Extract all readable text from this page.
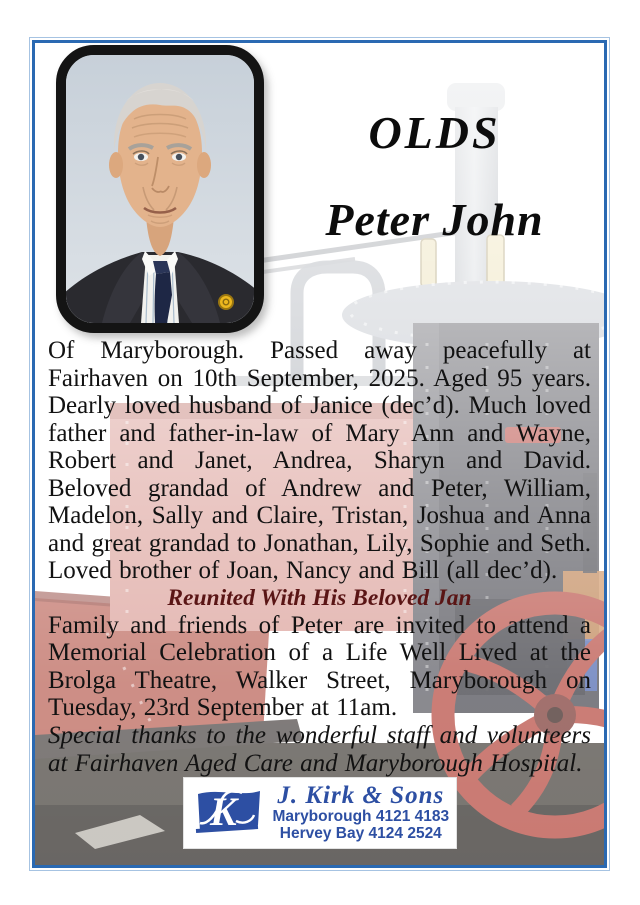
OLDS
Peter John

Of Maryborough. Passed away peacefully at Fairhaven on 10th September, 2025. Aged 95 years. Dearly loved husband of Janice (dec’d). Much loved father and father-in-law of Mary Ann and Wayne, Robert and Janet, Andrea, Sharyn and David. Beloved grandad of Andrew and Peter, William, Madelon, Sally and Claire, Tristan, Joshua and Anna and great grandad to Jonathan, Lily, Sophie and Seth. Loved brother of Joan, Nancy and Bill (all dec’d).

Reunited With His Beloved Jan

Family and friends of Peter are invited to attend a Memorial Celebration of a Life Well Lived at the Brolga Theatre, Walker Street, Maryborough on Tuesday, 23rd September at 11am.

Special thanks to the wonderful staff and volunteers at Fairhaven Aged Care and Maryborough Hospital.

K J. Kirk & Sons
Maryborough 4121 4183
Hervey Bay 4124 2524
